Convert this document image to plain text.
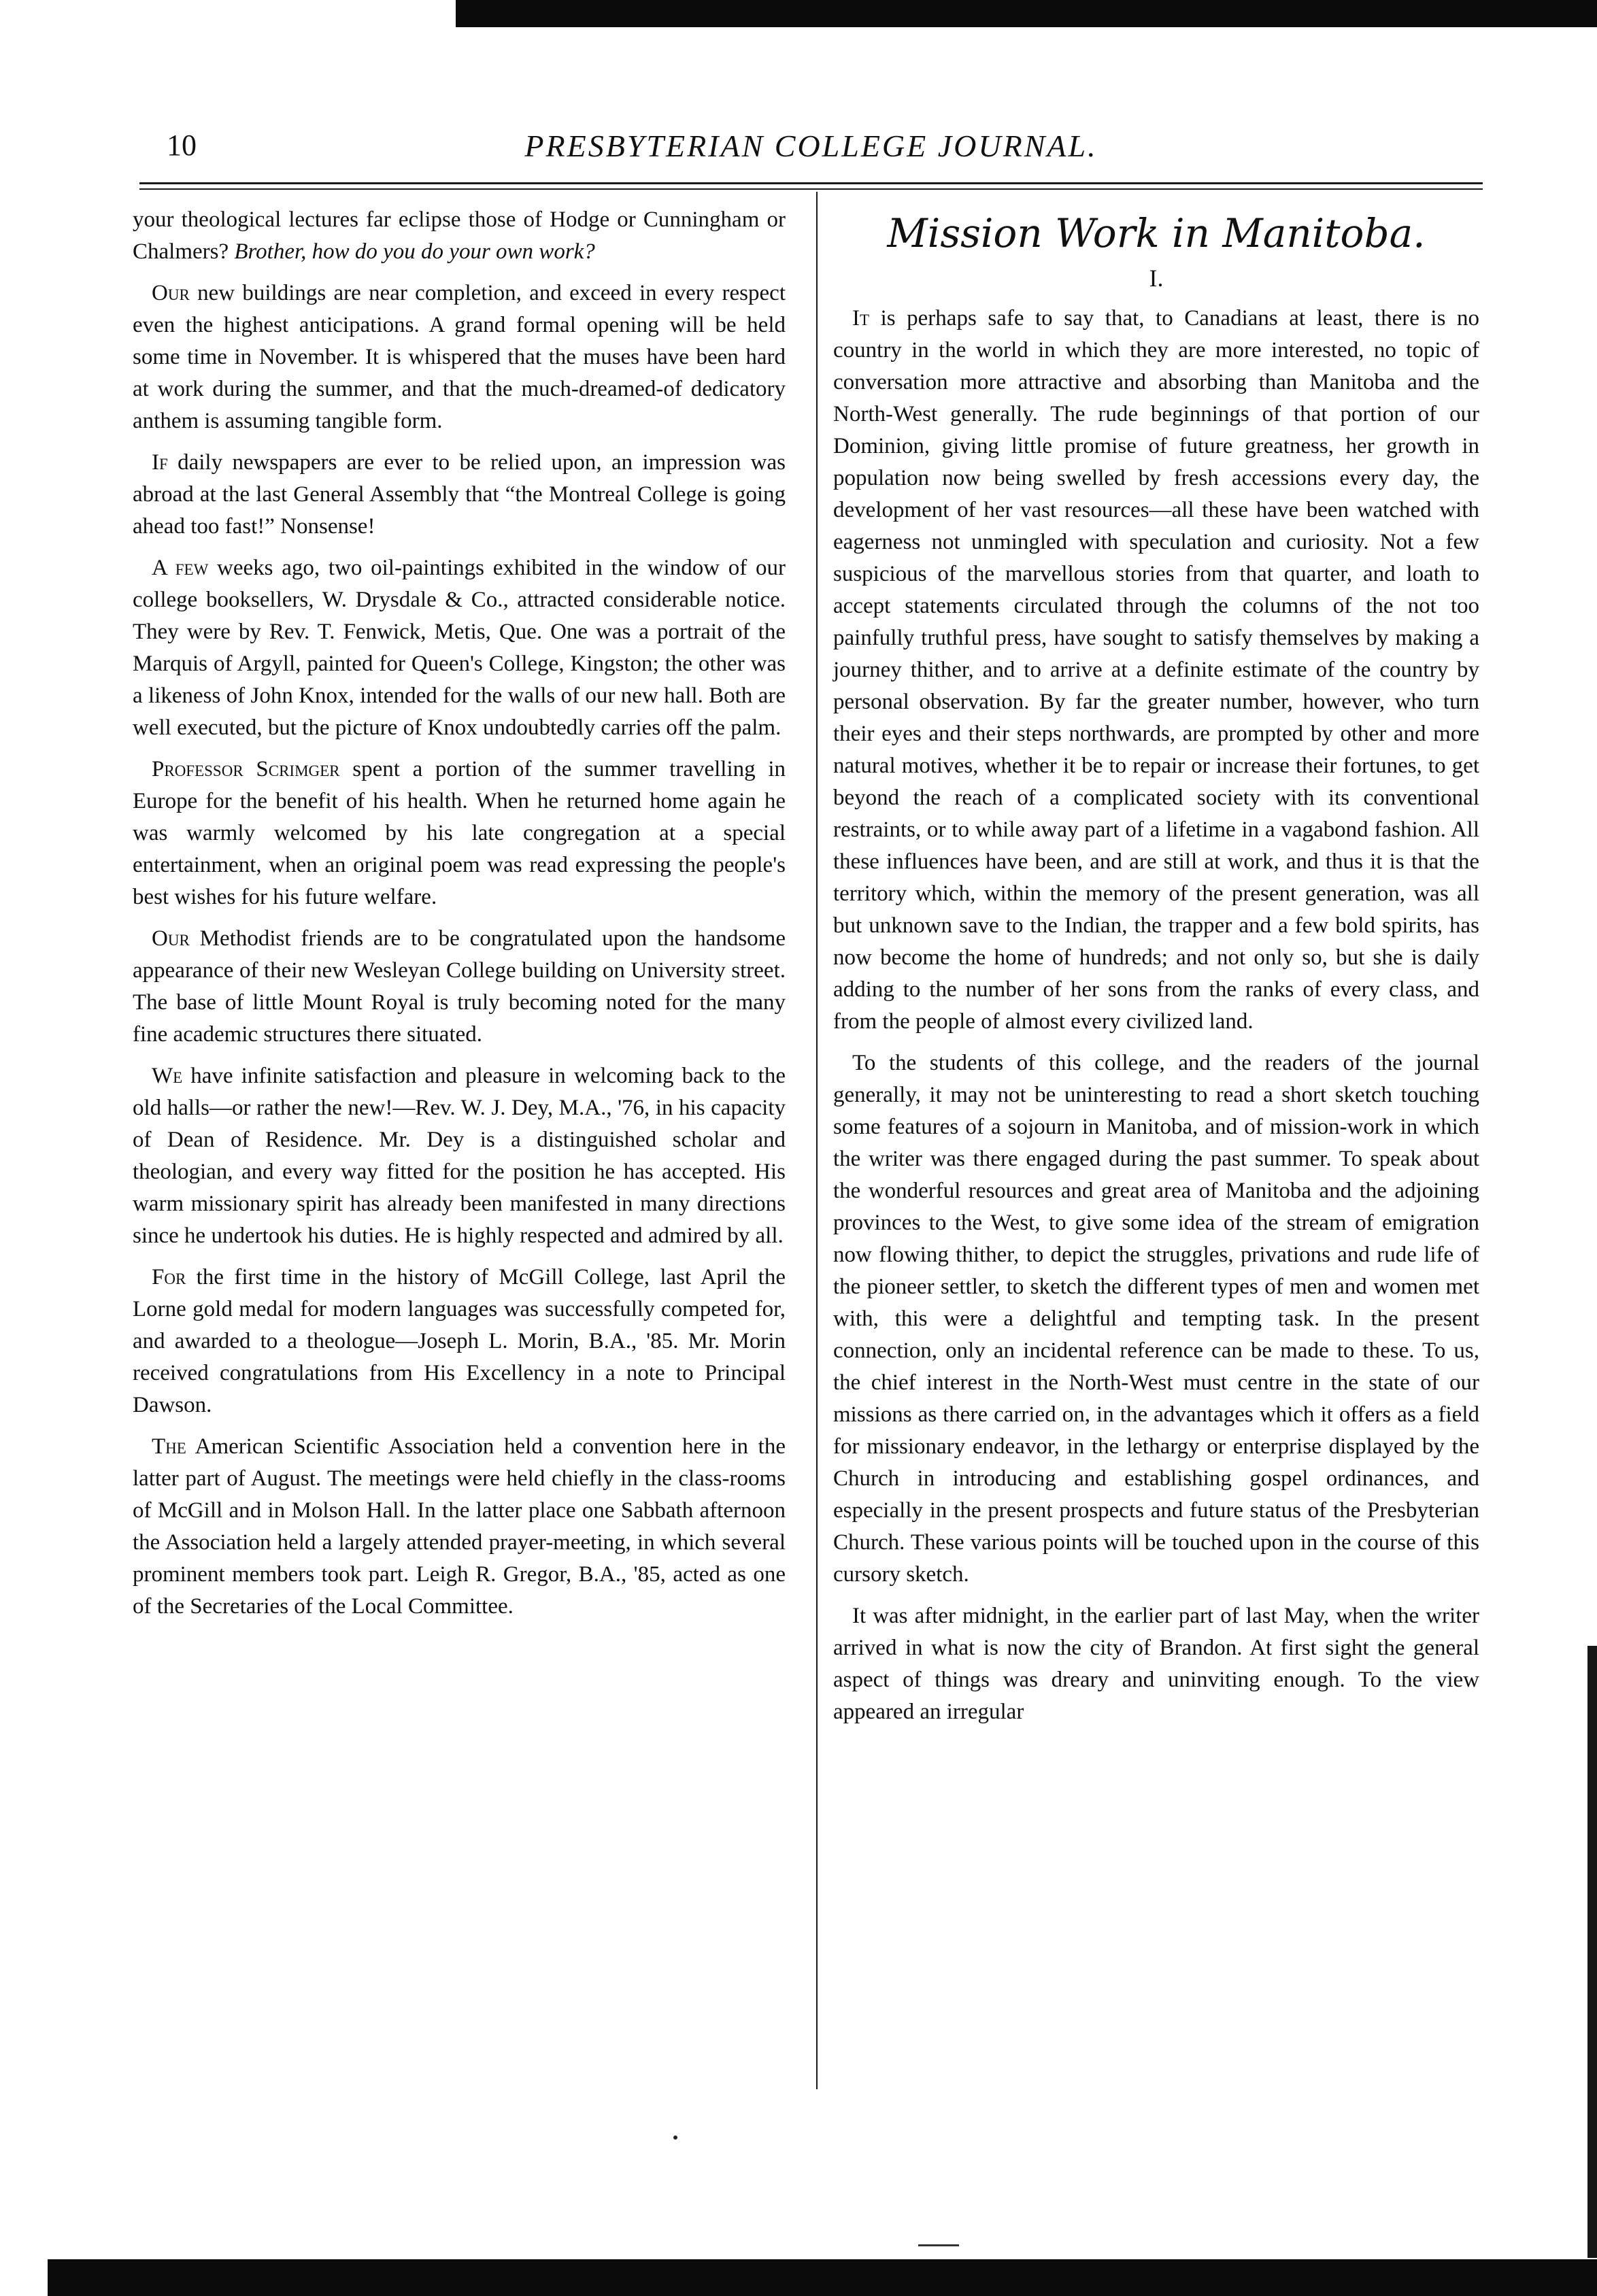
10	PRESBYTERIAN COLLEGE JOURNAL.

your theological lectures far eclipse those of Hodge or Cunningham or Chalmers? Brother, how do you do your own work?

Our new buildings are near completion, and exceed in every respect even the highest anticipations. A grand formal opening will be held some time in November. It is whispered that the muses have been hard at work during the summer, and that the much-dreamed-of dedicatory anthem is assuming tangible form.

If daily newspapers are ever to be relied upon, an impression was abroad at the last General Assembly that “the Montreal College is going ahead too fast!” Nonsense!

A few weeks ago, two oil-paintings exhibited in the window of our college booksellers, W. Drysdale & Co., attracted considerable notice. They were by Rev. T. Fenwick, Metis, Que. One was a portrait of the Marquis of Argyll, painted for Queen's College, Kingston; the other was a likeness of John Knox, intended for the walls of our new hall. Both are well executed, but the picture of Knox undoubtedly carries off the palm.

Professor Scrimger spent a portion of the summer travelling in Europe for the benefit of his health. When he returned home again he was warmly welcomed by his late congregation at a special entertainment, when an original poem was read expressing the people's best wishes for his future welfare.

Our Methodist friends are to be congratulated upon the handsome appearance of their new Wesleyan College building on University street. The base of little Mount Royal is truly becoming noted for the many fine academic structures there situated.

We have infinite satisfaction and pleasure in welcoming back to the old halls—or rather the new!—Rev. W. J. Dey, M.A., '76, in his capacity of Dean of Residence. Mr. Dey is a distinguished scholar and theologian, and every way fitted for the position he has accepted. His warm missionary spirit has already been manifested in many directions since he undertook his duties. He is highly respected and admired by all.

For the first time in the history of McGill College, last April the Lorne gold medal for modern languages was successfully competed for, and awarded to a theologue—Joseph L. Morin, B.A., '85. Mr. Morin received congratulations from His Excellency in a note to Principal Dawson.

The American Scientific Association held a convention here in the latter part of August. The meetings were held chiefly in the class-rooms of McGill and in Molson Hall. In the latter place one Sabbath afternoon the Association held a largely attended prayer-meeting, in which several prominent members took part. Leigh R. Gregor, B.A., '85, acted as one of the Secretaries of the Local Committee.

Mission Work in Manitoba.
I.

It is perhaps safe to say that, to Canadians at least, there is no country in the world in which they are more interested, no topic of conversation more attractive and absorbing than Manitoba and the North-West generally. The rude beginnings of that portion of our Dominion, giving little promise of future greatness, her growth in population now being swelled by fresh accessions every day, the development of her vast resources—all these have been watched with eagerness not unmingled with speculation and curiosity. Not a few suspicious of the marvellous stories from that quarter, and loath to accept statements circulated through the columns of the not too painfully truthful press, have sought to satisfy themselves by making a journey thither, and to arrive at a definite estimate of the country by personal observation. By far the greater number, however, who turn their eyes and their steps northwards, are prompted by other and more natural motives, whether it be to repair or increase their fortunes, to get beyond the reach of a complicated society with its conventional restraints, or to while away part of a lifetime in a vagabond fashion. All these influences have been, and are still at work, and thus it is that the territory which, within the memory of the present generation, was all but unknown save to the Indian, the trapper and a few bold spirits, has now become the home of hundreds; and not only so, but she is daily adding to the number of her sons from the ranks of every class, and from the people of almost every civilized land.

To the students of this college, and the readers of the journal generally, it may not be uninteresting to read a short sketch touching some features of a sojourn in Manitoba, and of mission-work in which the writer was there engaged during the past summer. To speak about the wonderful resources and great area of Manitoba and the adjoining provinces to the West, to give some idea of the stream of emigration now flowing thither, to depict the struggles, privations and rude life of the pioneer settler, to sketch the different types of men and women met with, this were a delightful and tempting task. In the present connection, only an incidental reference can be made to these. To us, the chief interest in the North-West must centre in the state of our missions as there carried on, in the advantages which it offers as a field for missionary endeavor, in the lethargy or enterprise displayed by the Church in introducing and establishing gospel ordinances, and especially in the present prospects and future status of the Presbyterian Church. These various points will be touched upon in the course of this cursory sketch.

It was after midnight, in the earlier part of last May, when the writer arrived in what is now the city of Brandon. At first sight the general aspect of things was dreary and uninviting enough. To the view appeared an irregular
